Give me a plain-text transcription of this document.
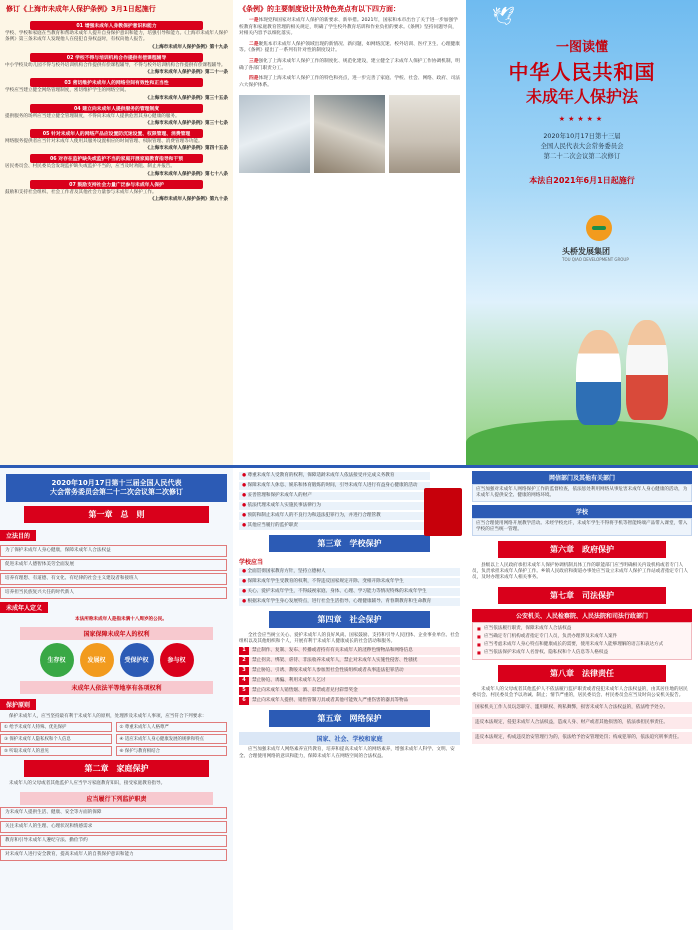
修订《上海市未成年人保护条例》3月1日起施行
01 增强未成年人身教保护意识和能力
学校、学校和家庭在当教育和帮助未成年人提升自身保护意识和能力，培强引导和能力。《上海市未成年人保护条例》第三条未成年人发现他人在侵犯自身权益时，有权向他人报告。
《上海市未成年人保护条例》第十九条
02 学校不得与培训机构合作提供有偿课程辅导
中小学校及幼儿园不得与校外培训机构合作提供有偿课程辅导，不得与校外培训机构合作提供有偿课程辅导。
《上海市未成年人保护条例》第二十一条
03 密切维护未成年人的网络空间有效性和正当性
学校应当建立健全网络管理制度，密切维护学生的网络空间。
《上海市未成年人保护条例》第三十五条
04 建立向未成年人提供服务的管理制度
提供服务的场所应当建立健全管理制度，不得向未成年人提供危害其身心健康的服务。
《上海市未成年人保护条例》第三十七条
05 针对未成年人的网络产品应设置防沉迷设置、权限管理、消费管理
网络服务提供者应当针对未成年人使用其服务设置相应的时间管理、权限管理、消费管理等功能。
《上海市未成年人保护条例》第四十五条
06 对存在监护缺失或监护不当的家庭开展家庭教育指导和干预
居民委员会、村民委员会发现监护缺失或监护不当的，应当及时劝阻、制止并报告。
《上海市未成年人保护条例》第七十八条
07 鼓励支持社会力量广泛参与未成年人保护
鼓励和支持社会组织、社会工作者及其他社会力量参与未成年人保护工作。
《上海市未成年人保护条例》第九十条
《条例》的主要制度设计及特色亮点有以下四方面：
一是体现党和国家对未成年人保护的新要求、新举措。2021年，国家和本市出台了关于进一步加强学校教育和家庭教育管理的相关规定，明确了学生校外教育培训和作业负担的要求。《条例》坚持问题导向，对相关内容予以细化落实。
二是聚焦本市未成年人保护领域出现的新情况、新问题，如网络沉迷、校外培训、医疗卫生、心理健康等。《条例》提出了一系列有针对性的制度设计。
三是强化了上海未成年人保护工作的制度化、规范化建设，建立健全了未成年人保护工作协调机制，明确了各部门职责分工。
四是体现了上海未成年人保护工作的特色和亮点，进一步完善了家庭、学校、社会、网络、政府、司法六大保护体系。
🕊
一图读懂
中华人民共和国
未成年人保护法
★★★★★
2020年10月17日第十三届
全国人民代表大会常务委员会
第二十二次会议第二次修订
本法自2021年6月1日起施行
头桥发展集团
TOU QIAO DEVELOPMENT GROUP
2020年10月17日第十三届全国人民代表
大会常务委员会第二十二次会议第二次修订
第一章　总　则
立法目的
为了保护未成年人身心健康，保障未成年人合法权益
促进未成年人德智体美劳全面发展
培养有理想、有道德、有文化、有纪律的社会主义建设者和接班人
培养担当民族复兴大任的时代新人
未成年人定义
本法所称未成年人是指未满十八周岁的公民。
国家保障未成年人的权利
生存权	发展权	受保护权	参与权
未成年人依法平等地享有各项权利
保护原则
保护未成年人，应当坚持最有利于未成年人的原则，处理涉及未成年人事项，应当符合下列要求：
① 给予未成年人特殊、优先保护	② 尊重未成年人人格尊严
③ 保护未成年人隐私权和个人信息	④ 适应未成年人身心健康发展的规律和特点
⑤ 听取未成年人的意见	⑥ 保护与教育相结合
第二章　家庭保护
未成年人的父母或者其他监护人应当学习家庭教育知识，接受家庭教育指导。
应当履行下列监护职责
为未成年人提供生活、健康、安全等方面的保障
关注未成年人的生理、心理状况和情感需求
教育和引导未成年人遵纪守法、勤俭节约
对未成年人进行安全教育，提高未成年人的自我保护意识和能力
● 尊重未成年人受教育的权利，保障适龄未成年人依法接受并完成义务教育
● 保障未成年人休息、娱乐和体育锻炼的时间，引导未成年人进行有益身心健康的活动
● 妥善管理和保护未成年人的财产
● 依法代理未成年人实施民事法律行为
● 预防和制止未成年人的不良行为和违法犯罪行为，并进行合理管教
● 其他应当履行的监护职责
第三章　学校保护
学校应当
● 全面贯彻国家教育方针，坚持立德树人
● 保障未成年学生受教育的权利，不得违反国家规定开除、变相开除未成年学生
● 关心、爱护未成年学生，不得歧视家庭、身体、心理、学习能力等情况特殊的未成年学生
● 根据未成年学生身心发展特点，进行社会生活指导、心理健康辅导、青春期教育和生命教育
第四章　社会保护
全社会应当树立关心、爱护未成年人的良好风尚。国家鼓励、支持和引导人民团体、企业事业单位、社会组织以及其他组织和个人，开展有利于未成年人健康成长的社会活动和服务。
1	禁止制作、复制、发布、传播或者持有有关未成年人的淫秽色情物品和网络信息
2	禁止拐卖、绑架、虐待、非法收养未成年人，禁止对未成年人实施性侵害、性骚扰
3	禁止胁迫、引诱、教唆未成年人参加黑社会性质组织或者从事违法犯罪活动
4	禁止胁迫、诱骗、利用未成年人乞讨
5	禁止向未成年人销售烟、酒、彩票或者兑付彩票奖金
6	禁止向未成年人提供、销售管制刀具或者其他可能致人严重伤害的器具等物品
第五章　网络保护
国家、社会、学校和家庭
应当加强未成年人网络素养宣传教育，培养和提高未成年人的网络素养，增强未成年人科学、文明、安全、合理使用网络的意识和能力，保障未成年人在网络空间的合法权益。
网信部门及其他有关部门
应当加强对未成年人网络保护工作的监督检查，依法惩处利用网络从事危害未成年人身心健康的活动，为未成年人提供安全、健康的网络环境。
学校
应当合理使用网络开展教学活动。未经学校允许，未成年学生不得将手机等智能终端产品带入课堂，带入学校的应当统一管理。
第六章　政府保护
县级以上人民政府承担未成年人保护协调机制具体工作的职能部门应当明确相关内设机构或者专门人员，负责承担未成年人保护工作。乡镇人民政府和街道办事处应当设立未成年人保护工作站或者指定专门人员，及时办理未成年人相关事务。
第七章　司法保护
公安机关、人民检察院、人民法院和司法行政部门
■ 应当依法履行职责，保障未成年人合法权益
■ 应当确定专门机构或者指定专门人员，负责办理涉及未成年人案件
■ 应当考虑未成年人身心特点和健康成长的需要，使用未成年人能够理解的语言和表达方式
■ 应当依法保护未成年人名誉权、隐私权和个人信息等人格权益
第八章　法律责任
未成年人的父母或者其他监护人不依法履行监护职责或者侵犯未成年人合法权益的，由其居住地的居民委员会、村民委员会予以劝诫、制止；情节严重的，居民委员会、村民委员会应当及时向公安机关报告。
国家机关工作人员玩忽职守、滥用职权、徇私舞弊，损害未成年人合法权益的，依法给予处分。
违反本法规定，侵犯未成年人合法权益，造成人身、财产或者其他损害的，依法承担民事责任。
违反本法规定，构成违反治安管理行为的，依法给予治安管理处罚；构成犯罪的，依法追究刑事责任。
